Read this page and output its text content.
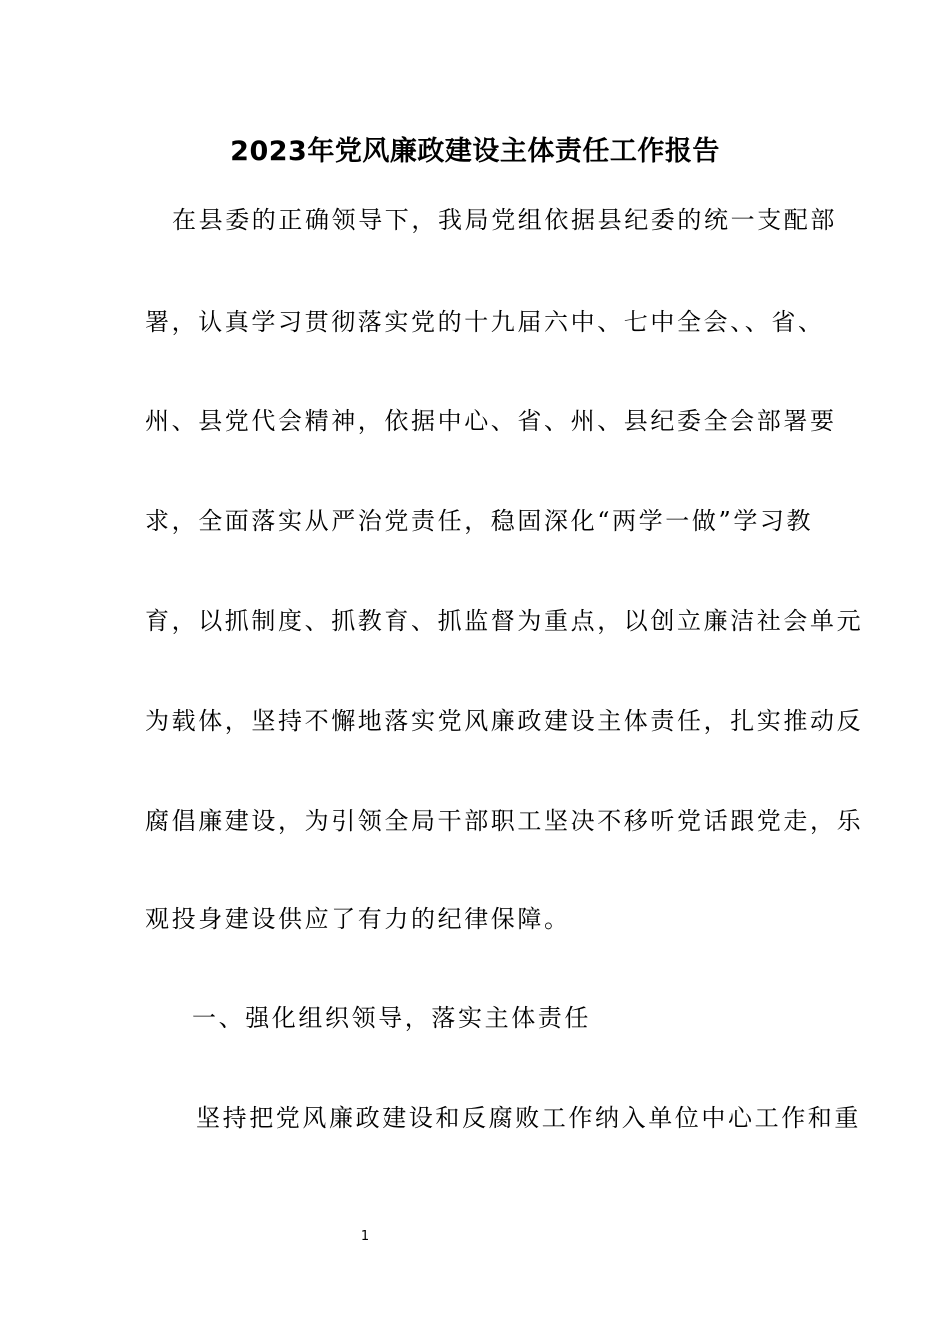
2023年党风廉政建设主体责任工作报告
在县委的正确领导下，我局党组依据县纪委的统一支配部
署，认真学习贯彻落实党的十九届六中、七中全会、、省、
州、县党代会精神，依据中心、省、州、县纪委全会部署要
求，全面落实从严治党责任，稳固深化“两学一做”学习教
育，以抓制度、抓教育、抓监督为重点，以创立廉洁社会单元
为载体，坚持不懈地落实党风廉政建设主体责任，扎实推动反
腐倡廉建设，为引领全局干部职工坚决不移听党话跟党走，乐
观投身建设供应了有力的纪律保障。
一、强化组织领导，落实主体责任
坚持把党风廉政建设和反腐败工作纳入单位中心工作和重
1
